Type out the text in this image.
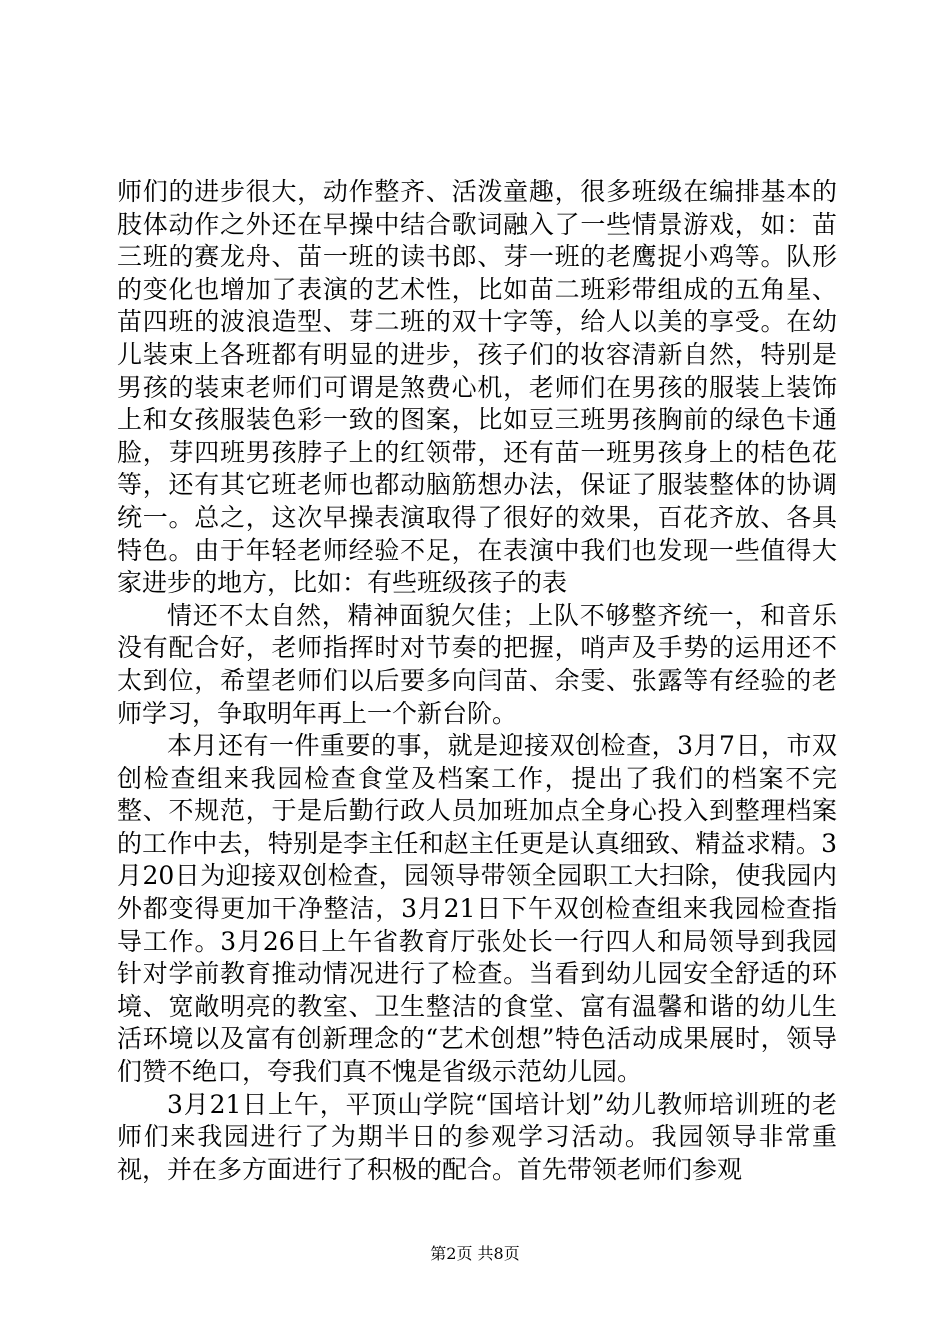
师们的进步很大，动作整齐、活泼童趣，很多班级在编排基本的肢体动作之外还在早操中结合歌词融入了一些情景游戏，如：苗三班的赛龙舟、苗一班的读书郎、芽一班的老鹰捉小鸡等。队形的变化也增加了表演的艺术性，比如苗二班彩带组成的五角星、苗四班的波浪造型、芽二班的双十字等，给人以美的享受。在幼儿装束上各班都有明显的进步，孩子们的妆容清新自然，特别是男孩的装束老师们可谓是煞费心机，老师们在男孩的服装上装饰上和女孩服装色彩一致的图案，比如豆三班男孩胸前的绿色卡通脸，芽四班男孩脖子上的红领带，还有苗一班男孩身上的桔色花等，还有其它班老师也都动脑筋想办法，保证了服装整体的协调统一。总之，这次早操表演取得了很好的效果，百花齐放、各具特色。由于年轻老师经验不足，在表演中我们也发现一些值得大家进步的地方，比如：有些班级孩子的表

情还不太自然，精神面貌欠佳；上队不够整齐统一，和音乐没有配合好，老师指挥时对节奏的把握，哨声及手势的运用还不太到位，希望老师们以后要多向闫苗、余雯、张露等有经验的老师学习，争取明年再上一个新台阶。

本月还有一件重要的事，就是迎接双创检查，3月7日，市双创检查组来我园检查食堂及档案工作，提出了我们的档案不完整、不规范，于是后勤行政人员加班加点全身心投入到整理档案的工作中去，特别是李主任和赵主任更是认真细致、精益求精。3月20日为迎接双创检查，园领导带领全园职工大扫除，使我园内外都变得更加干净整洁，3月21日下午双创检查组来我园检查指导工作。3月26日上午省教育厅张处长一行四人和局领导到我园针对学前教育推动情况进行了检查。当看到幼儿园安全舒适的环境、宽敞明亮的教室、卫生整洁的食堂、富有温馨和谐的幼儿生活环境以及富有创新理念的“艺术创想”特色活动成果展时，领导们赞不绝口，夸我们真不愧是省级示范幼儿园。

3月21日上午，平顶山学院“国培计划”幼儿教师培训班的老师们来我园进行了为期半日的参观学习活动。我园领导非常重视，并在多方面进行了积极的配合。首先带领老师们参观

第2页 共8页
